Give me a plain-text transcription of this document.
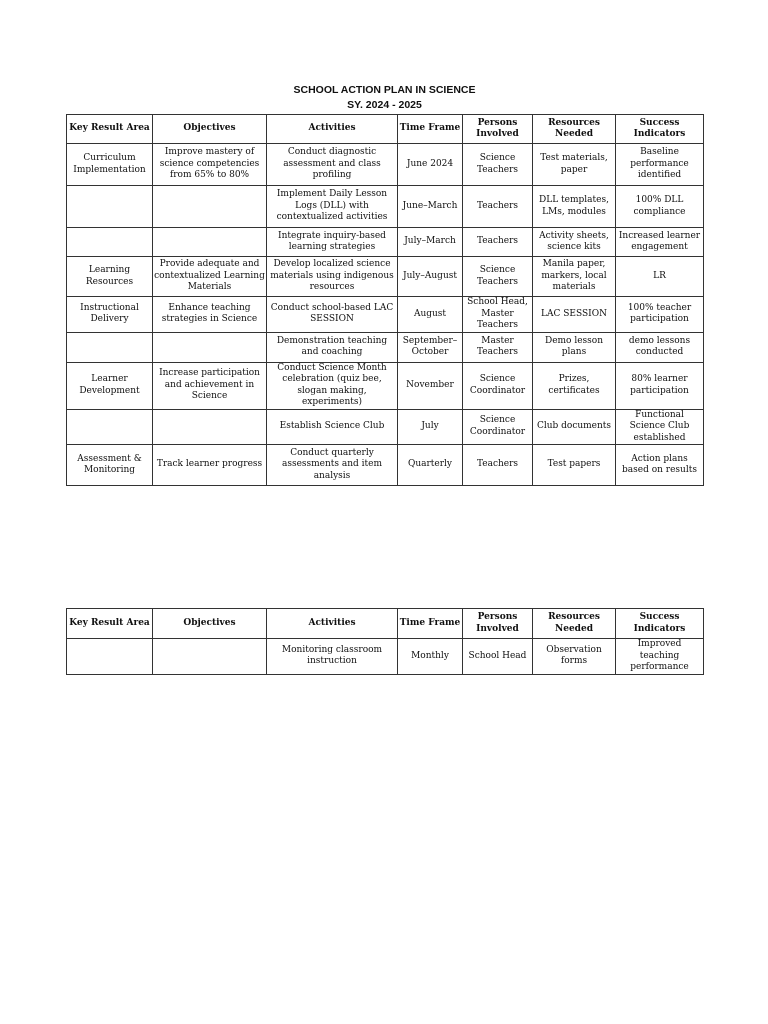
SCHOOL ACTION PLAN IN SCIENCE
SY. 2024 - 2025
Key Result Area	Objectives	Activities	Time Frame	Persons Involved	Resources Needed	Success Indicators
Curriculum Implementation	Improve mastery of science competencies from 65% to 80%	Conduct diagnostic assessment and class profiling	June 2024	Science Teachers	Test materials, paper	Baseline performance identified
		Implement Daily Lesson Logs (DLL) with contextualized activities	June–March	Teachers	DLL templates, LMs, modules	100% DLL compliance
		Integrate inquiry-based learning strategies	July–March	Teachers	Activity sheets, science kits	Increased learner engagement
Learning Resources	Provide adequate and contextualized Learning Materials	Develop localized science materials using indigenous resources	July–August	Science Teachers	Manila paper, markers, local materials	LR
Instructional Delivery	Enhance teaching strategies in Science	Conduct school-based LAC SESSION	August	School Head, Master Teachers	LAC SESSION	100% teacher participation
		Demonstration teaching and coaching	September–October	Master Teachers	Demo lesson plans	demo lessons conducted
Learner Development	Increase participation and achievement in Science	Conduct Science Month celebration (quiz bee, slogan making, experiments)	November	Science Coordinator	Prizes, certificates	80% learner participation
		Establish Science Club	July	Science Coordinator	Club documents	Functional Science Club established
Assessment & Monitoring	Track learner progress	Conduct quarterly assessments and item analysis	Quarterly	Teachers	Test papers	Action plans based on results
Key Result Area	Objectives	Activities	Time Frame	Persons Involved	Resources Needed	Success Indicators
		Monitoring classroom instruction	Monthly	School Head	Observation forms	Improved teaching performance
